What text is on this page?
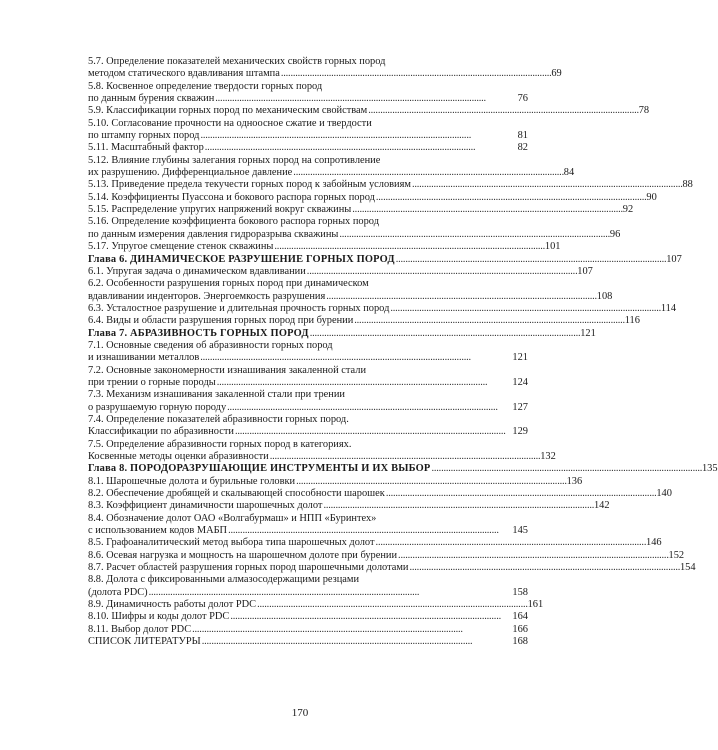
5.7. Определение показателей механических свойств горных пород
методом статического вдавливания штампа . . .	69
5.8. Косвенное определение твердости горных пород
по данным бурения скважин . . .	76
5.9. Классификации горных пород по механическим свойствам . . .	78
5.10. Согласование прочности на одноосное сжатие и твердости
по штампу горных пород . . .	81
5.11. Масштабный фактор . . .	82
5.12. Влияние глубины залегания горных пород на сопротивление
их разрушению. Дифференциальное давление . . .	84
5.13. Приведение предела текучести горных пород к забойным условиям . . .	88
5.14. Коэффициенты Пуассона и бокового распора горных пород . . .	90
5.15. Распределение упругих напряжений вокруг скважины . . .	92
5.16. Определение коэффициента бокового распора горных пород
по данным измерения давления гидроразрыва скважины . . .	96
5.17. Упругое смещение стенок скважины . . .	101
Глава 6. ДИНАМИЧЕСКОЕ РАЗРУШЕНИЕ ГОРНЫХ ПОРОД . . .	107
6.1. Упругая задача о динамическом вдавливании . . .	107
6.2. Особенности разрушения горных пород при динамическом
вдавливании инденторов. Энергоемкость разрушения . . .	108
6.3. Усталостное разрушение и длительная прочность горных пород . . .	114
6.4. Виды и области разрушения горных пород при бурении . . .	116
Глава 7. АБРАЗИВНОСТЬ ГОРНЫХ ПОРОД . . .	121
7.1. Основные сведения об абразивности горных пород
и изнашивании металлов . . .	121
7.2. Основные закономерности изнашивания закаленной стали
при трении о горные породы . . .	124
7.3. Механизм изнашивания закаленной стали при трении
о разрушаемую горную породу . . .	127
7.4. Определение показателей абразивности горных пород.
Классификации по абразивности . . .	129
7.5. Определение абразивности горных пород в категориях.
Косвенные методы оценки абразивности . . .	132
Глава 8. ПОРОДОРАЗРУШАЮЩИЕ ИНСТРУМЕНТЫ И ИХ ВЫБОР . . .	135
8.1. Шарошечные долота и бурильные головки . . .	136
8.2. Обеспечение дробящей и скалывающей способности шарошек . . .	140
8.3. Коэффициент динамичности шарошечных долот . . .	142
8.4. Обозначение долот ОАО «Волгабурмаш» и НПП «Буринтех»
с использованием кодов МАБП . . .	145
8.5. Графоаналитический метод выбора типа шарошечных долот . . .	146
8.6. Осевая нагрузка и мощность на шарошечном долоте при бурении . . .	152
8.7. Расчет областей разрушения горных пород шарошечными долотами . . .	154
8.8. Долота с фиксированными алмазосодержащими резцами
(долота PDC) . . .	158
8.9. Динамичность работы долот PDC . . .	161
8.10. Шифры и коды долот PDC . . .	164
8.11. Выбор долот PDC . . .	166
СПИСОК ЛИТЕРАТУРЫ . . .	168
170
